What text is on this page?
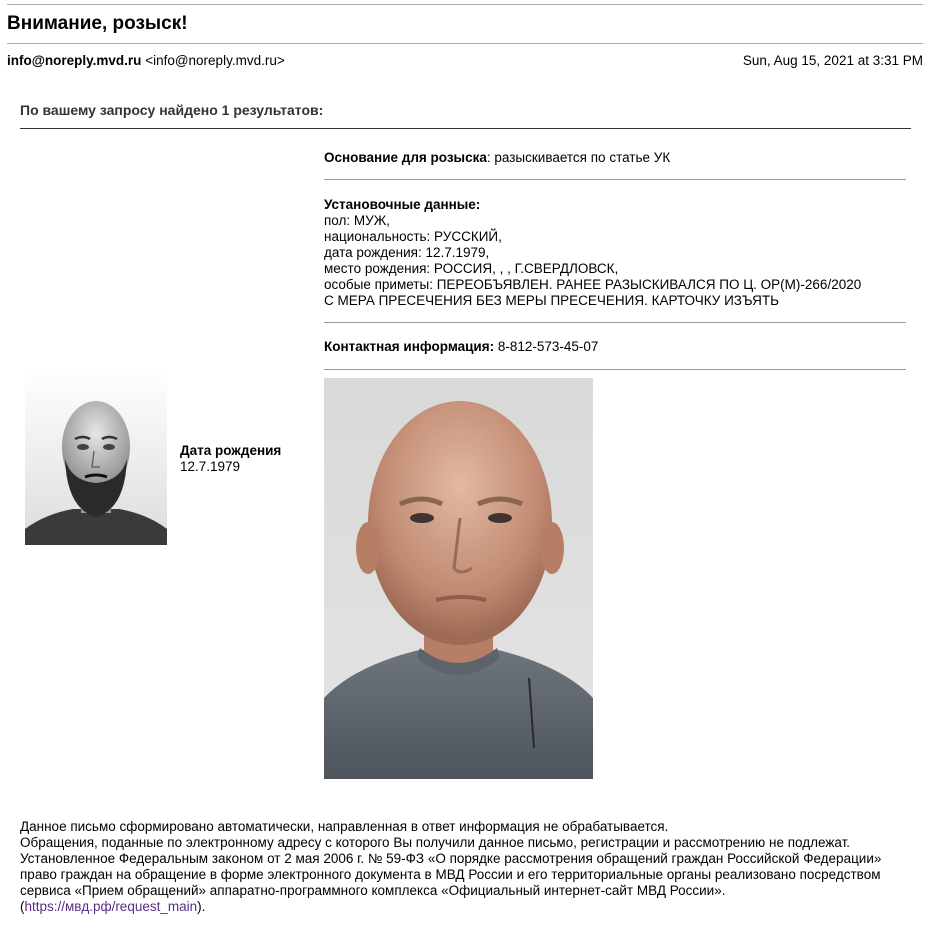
Внимание, розыск!
info@noreply.mvd.ru <info@noreply.mvd.ru>	Sun, Aug 15, 2021 at 3:31 PM
По вашему запросу найдено 1 результатов:
Основание для розыска: разыскивается по статье УК
Установочные данные:
пол: МУЖ,
национальность: РУССКИЙ,
дата рождения: 12.7.1979,
место рождения: РОССИЯ, , , Г.СВЕРДЛОВСК,
особые приметы: ПЕРЕОБЪЯВЛЕН. РАНЕЕ РАЗЫСКИВАЛСЯ ПО Ц. ОР(М)-266/2020
С МЕРА ПРЕСЕЧЕНИЯ БЕЗ МЕРЫ ПРЕСЕЧЕНИЯ. КАРТОЧКУ ИЗЪЯТЬ
Контактная информация: 8-812-573-45-07
Дата рождения
12.7.1979
Данное письмо сформировано автоматически, направленная в ответ информация не обрабатывается.
Обращения, поданные по электронному адресу с которого Вы получили данное письмо, регистрации и рассмотрению не подлежат.
Установленное Федеральным законом от 2 мая 2006 г. № 59-ФЗ «О порядке рассмотрения обращений граждан Российской Федерации» право граждан на обращение в форме электронного документа в МВД России и его территориальные органы реализовано посредством сервиса «Прием обращений» аппаратно-программного комплекса «Официальный интернет-сайт МВД России».
(https://мвд.рф/request_main).
